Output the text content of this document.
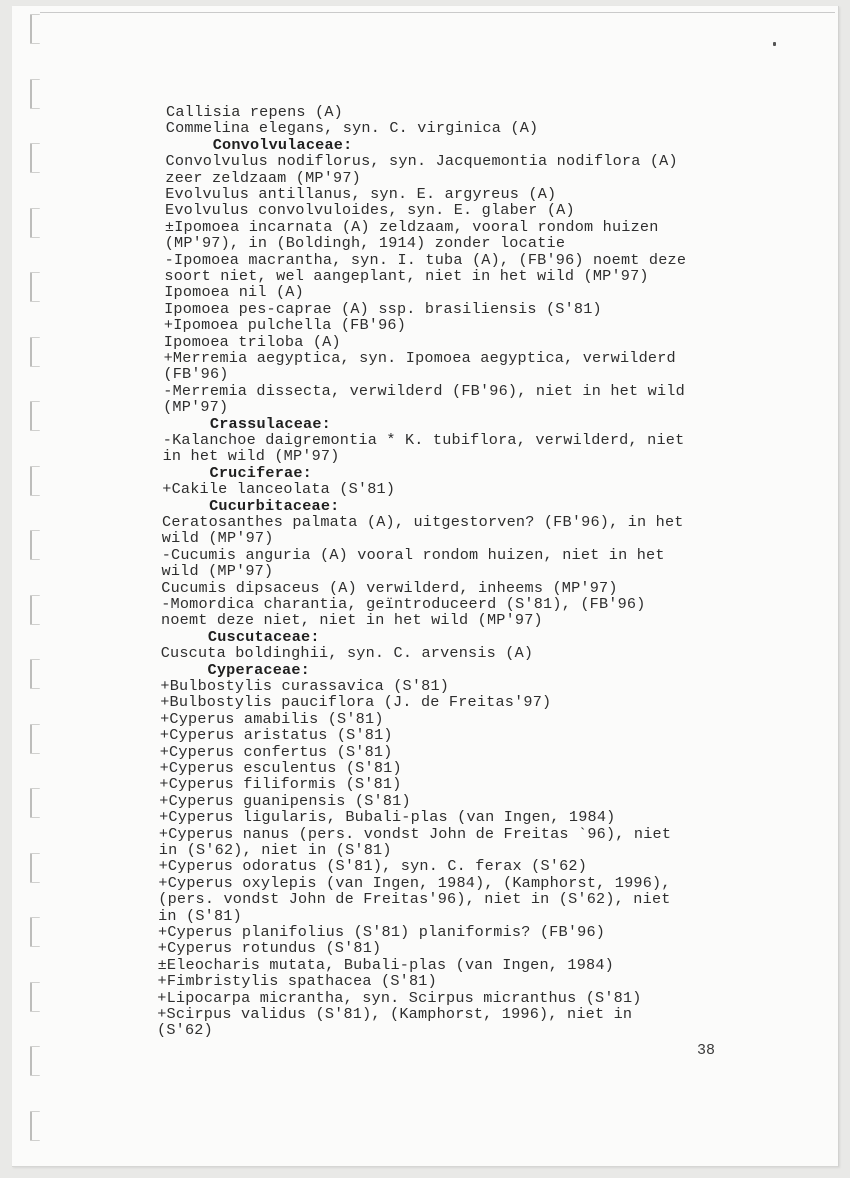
Callisia repens (A)
Commelina elegans, syn. C. virginica (A)
Convolvulaceae:
Convolvulus nodiflorus, syn. Jacquemontia nodiflora (A)
zeer zeldzaam (MP'97)
Evolvulus antillanus, syn. E. argyreus (A)
Evolvulus convolvuloides, syn. E. glaber (A)
±Ipomoea incarnata (A) zeldzaam, vooral rondom huizen
(MP'97), in (Boldingh, 1914) zonder locatie
-Ipomoea macrantha, syn. I. tuba (A), (FB'96) noemt deze
soort niet, wel aangeplant, niet in het wild (MP'97)
Ipomoea nil (A)
Ipomoea pes-caprae (A) ssp. brasiliensis (S'81)
+Ipomoea pulchella (FB'96)
Ipomoea triloba (A)
+Merremia aegyptica, syn. Ipomoea aegyptica, verwilderd
(FB'96)
-Merremia dissecta, verwilderd (FB'96), niet in het wild
(MP'97)
Crassulaceae:
-Kalanchoe daigremontia * K. tubiflora, verwilderd, niet
in het wild (MP'97)
Cruciferae:
+Cakile lanceolata (S'81)
Cucurbitaceae:
Ceratosanthes palmata (A), uitgestorven? (FB'96), in het
wild (MP'97)
-Cucumis anguria (A) vooral rondom huizen, niet in het
wild (MP'97)
Cucumis dipsaceus (A) verwilderd, inheems (MP'97)
-Momordica charantia, geïntroduceerd (S'81), (FB'96)
noemt deze niet, niet in het wild (MP'97)
Cuscutaceae:
Cuscuta boldinghii, syn. C. arvensis (A)
Cyperaceae:
+Bulbostylis curassavica (S'81)
+Bulbostylis pauciflora (J. de Freitas'97)
+Cyperus amabilis (S'81)
+Cyperus aristatus (S'81)
+Cyperus confertus (S'81)
+Cyperus esculentus (S'81)
+Cyperus filiformis (S'81)
+Cyperus guanipensis (S'81)
+Cyperus ligularis, Bubali-plas (van Ingen, 1984)
+Cyperus nanus (pers. vondst John de Freitas `96), niet
in (S'62), niet in (S'81)
+Cyperus odoratus (S'81), syn. C. ferax (S'62)
+Cyperus oxylepis (van Ingen, 1984), (Kamphorst, 1996),
(pers. vondst John de Freitas'96), niet in (S'62), niet
in (S'81)
+Cyperus planifolius (S'81) planiformis? (FB'96)
+Cyperus rotundus (S'81)
±Eleocharis mutata, Bubali-plas (van Ingen, 1984)
+Fimbristylis spathacea (S'81)
+Lipocarpa micrantha, syn. Scirpus micranthus (S'81)
+Scirpus validus (S'81), (Kamphorst, 1996), niet in
(S'62)
38
